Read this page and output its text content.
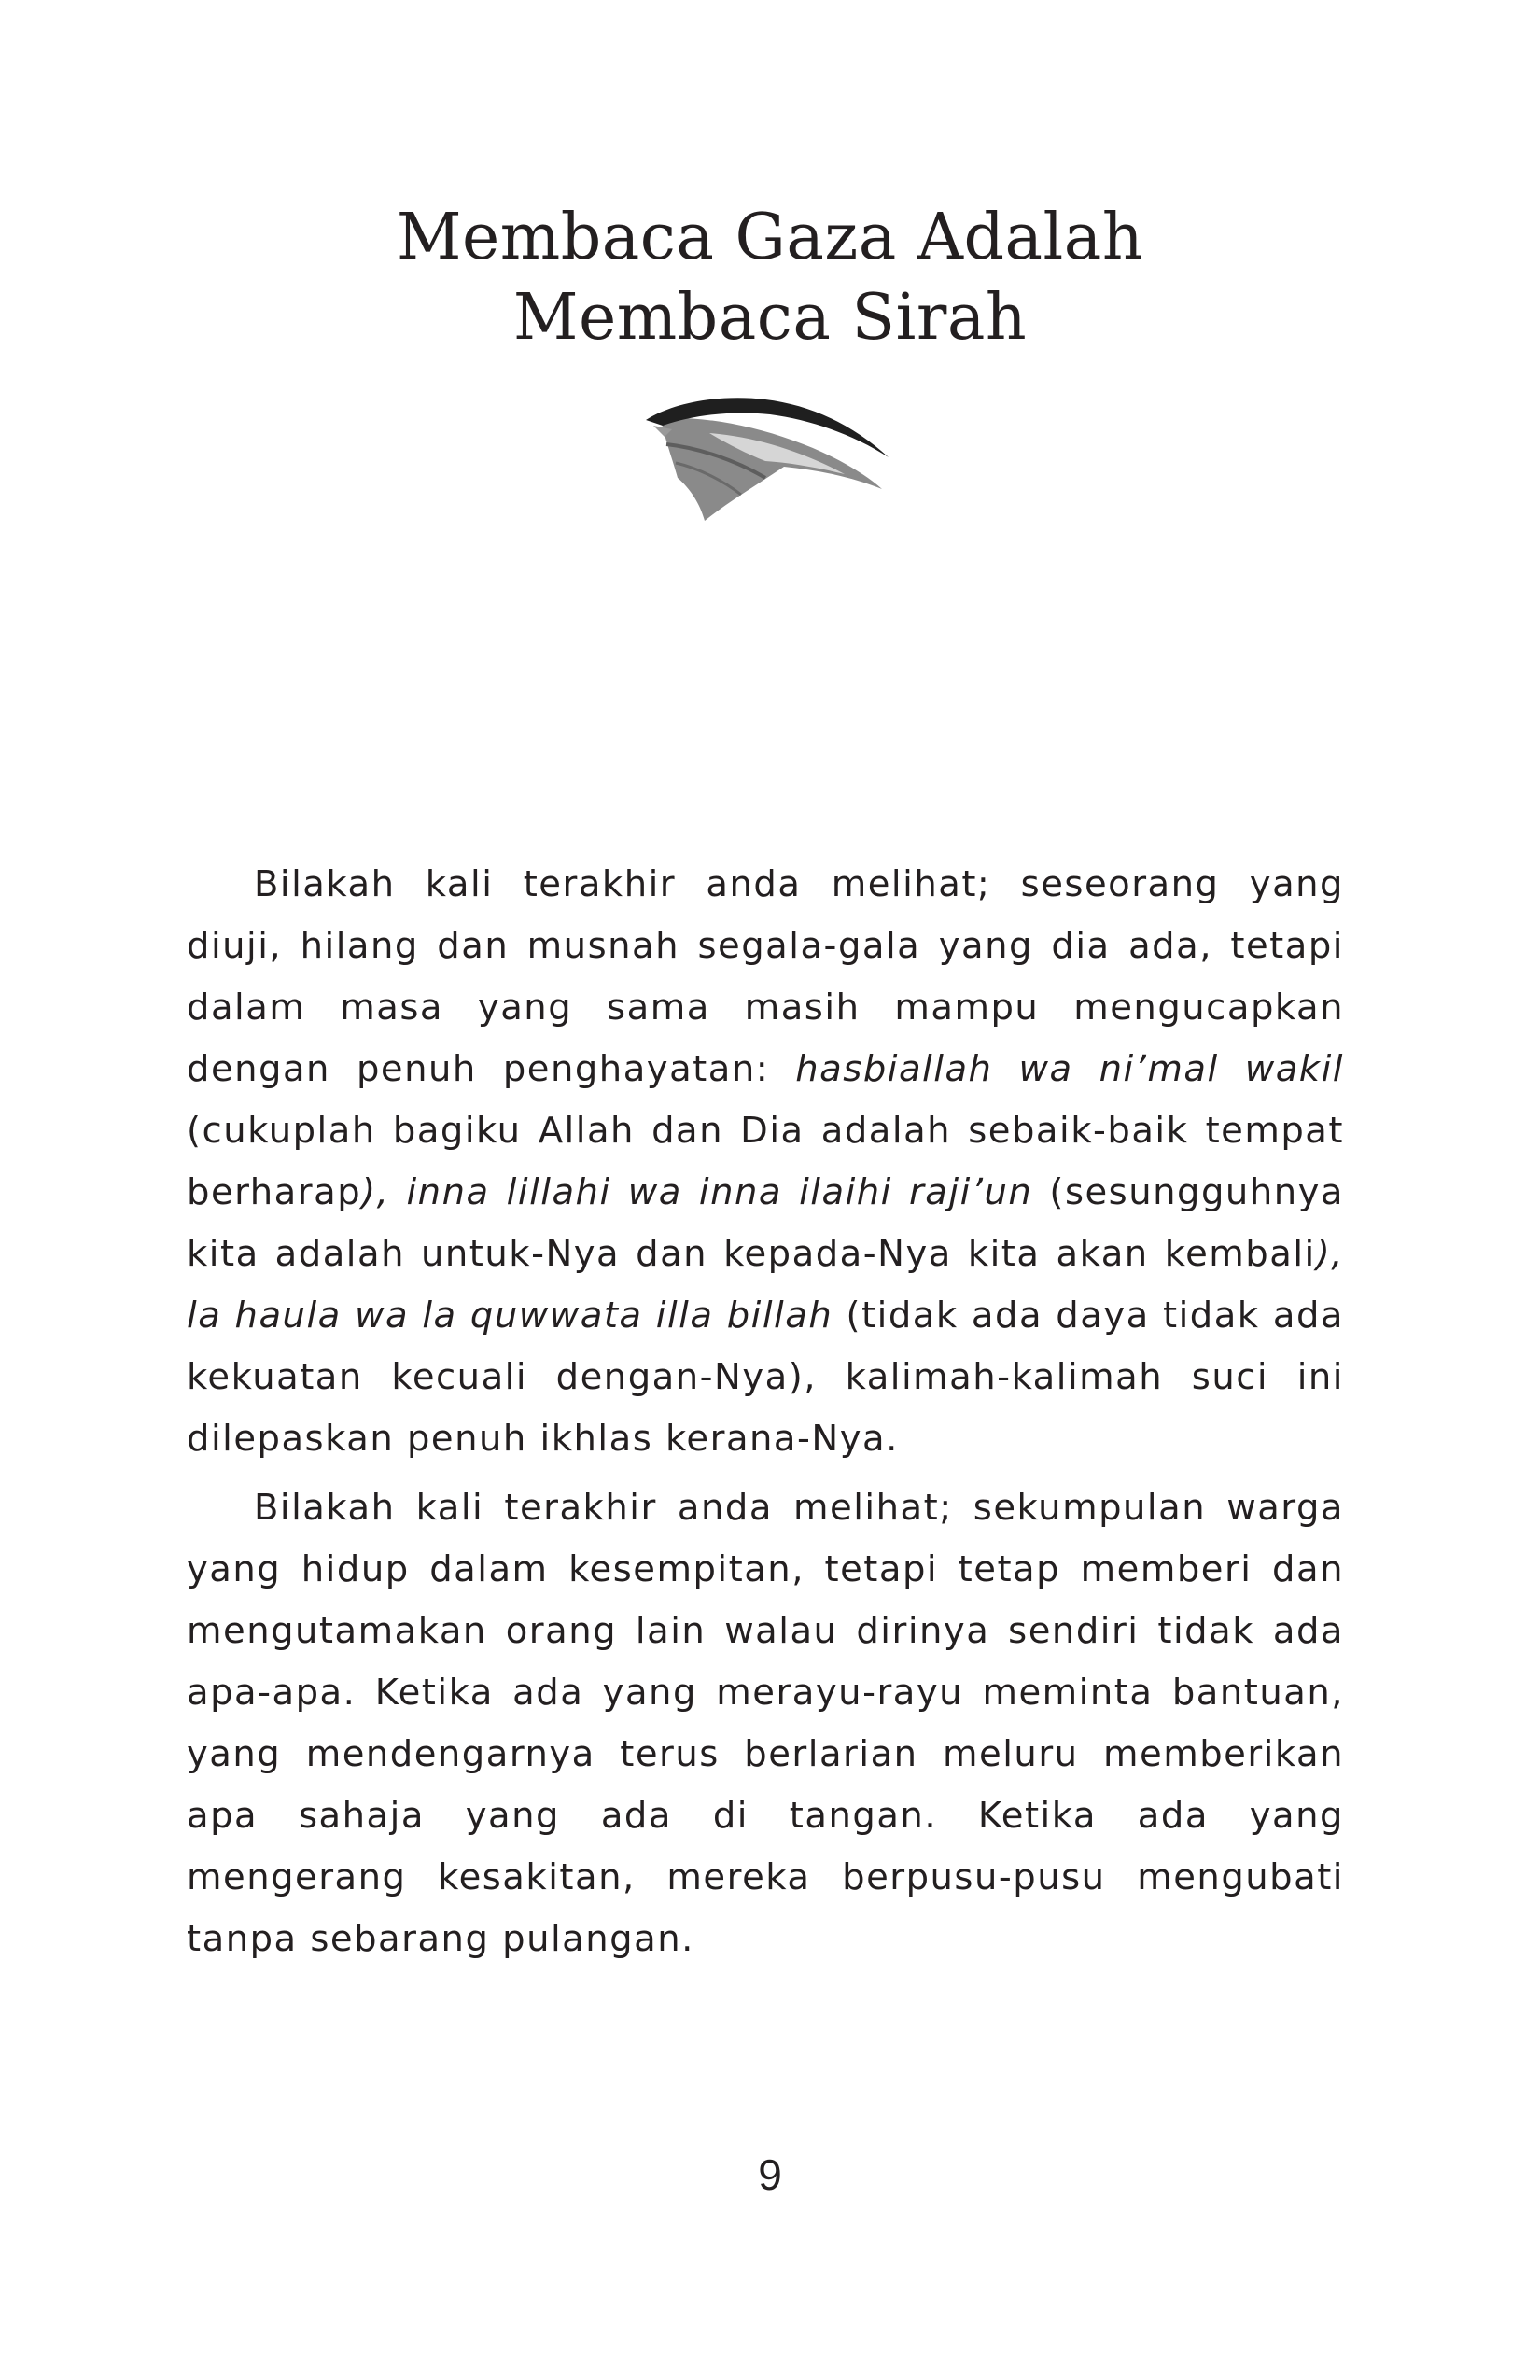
Membaca Gaza Adalah
Membaca Sirah

Bilakah kali terakhir anda melihat; seseorang yang diuji, hilang dan musnah segala-gala yang dia ada, tetapi dalam masa yang sama masih mampu mengucapkan dengan penuh penghayatan: hasbiallah wa ni’mal wakil (cukuplah bagiku Allah dan Dia adalah sebaik-baik tempat berharap), inna lillahi wa inna ilaihi raji’un (sesungguhnya kita adalah untuk-Nya dan kepada-Nya kita akan kembali), la haula wa la quwwata illa billah (tidak ada daya tidak ada kekuatan kecuali dengan-Nya), kalimah-kalimah suci ini dilepaskan penuh ikhlas kerana-Nya.

Bilakah kali terakhir anda melihat; sekumpulan warga yang hidup dalam kesempitan, tetapi tetap memberi dan mengutamakan orang lain walau dirinya sendiri tidak ada apa-apa. Ketika ada yang merayu-rayu meminta bantuan, yang mendengarnya terus berlarian meluru memberikan apa sahaja yang ada di tangan. Ketika ada yang mengerang kesakitan, mereka berpusu-pusu mengubati tanpa sebarang pulangan.

9
